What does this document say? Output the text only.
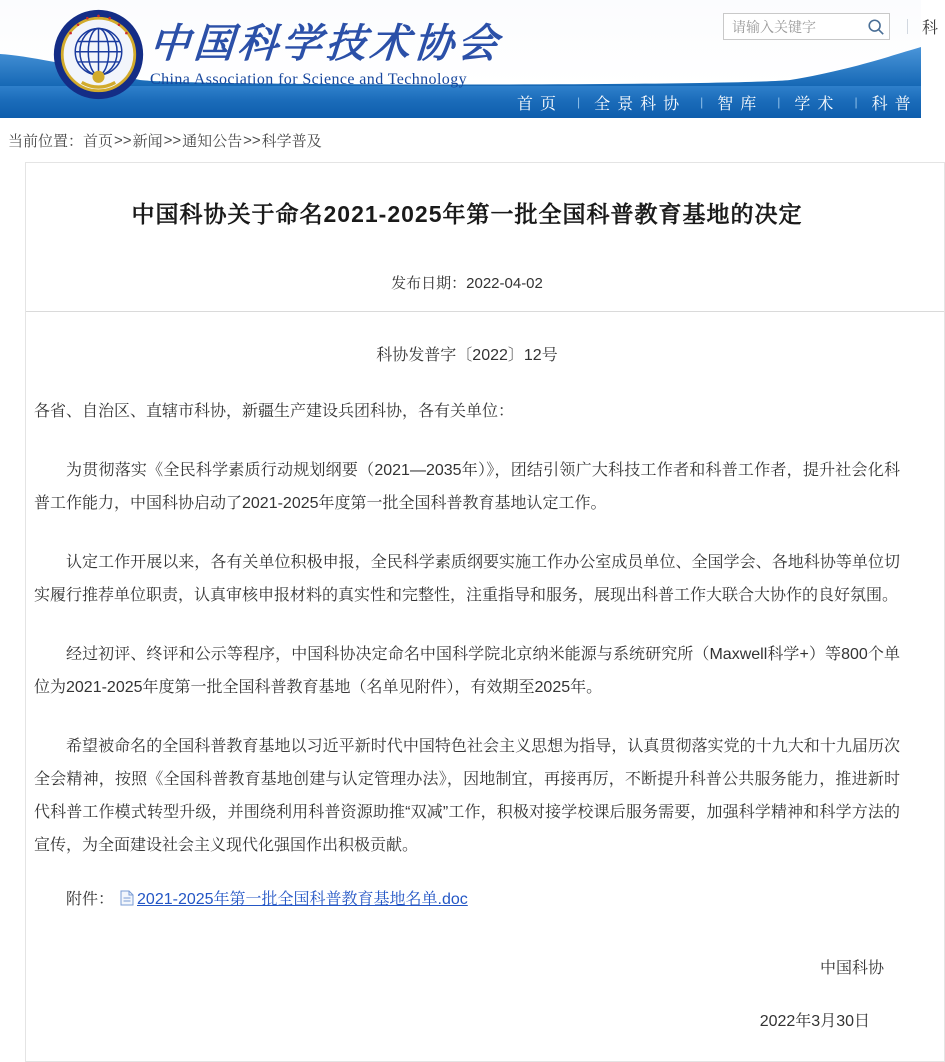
中国科学技术协会
China Association for Science and Technology
请输入关键字
｜ 科
首页	| 全景科协	| 智库	| 学术	| 科普
当前位置： 首页 >> 新闻 >> 通知公告 >> 科学普及
中国科协关于命名2021-2025年第一批全国科普教育基地的决定
发布日期：2022-04-02
科协发普字〔2022〕12号
各省、自治区、直辖市科协，新疆生产建设兵团科协，各有关单位：

为贯彻落实《全民科学素质行动规划纲要（2021—2035年）》，团结引领广大科技工作者和科普工作者，提升社会化科普工作能力，中国科协启动了2021-2025年度第一批全国科普教育基地认定工作。

认定工作开展以来，各有关单位积极申报，全民科学素质纲要实施工作办公室成员单位、全国学会、各地科协等单位切实履行推荐单位职责，认真审核申报材料的真实性和完整性，注重指导和服务，展现出科普工作大联合大协作的良好氛围。

经过初评、终评和公示等程序，中国科协决定命名中国科学院北京纳米能源与系统研究所（Maxwell科学+）等800个单位为2021-2025年度第一批全国科普教育基地（名单见附件），有效期至2025年。

希望被命名的全国科普教育基地以习近平新时代中国特色社会主义思想为指导，认真贯彻落实党的十九大和十九届历次全会精神，按照《全国科普教育基地创建与认定管理办法》，因地制宜，再接再厉，不断提升科普公共服务能力，推进新时代科普工作模式转型升级，并围绕利用科普资源助推“双减”工作，积极对接学校课后服务需要，加强科学精神和科学方法的宣传，为全面建设社会主义现代化强国作出积极贡献。

附件： 2021-2025年第一批全国科普教育基地名单.doc
中国科协
2022年3月30日
